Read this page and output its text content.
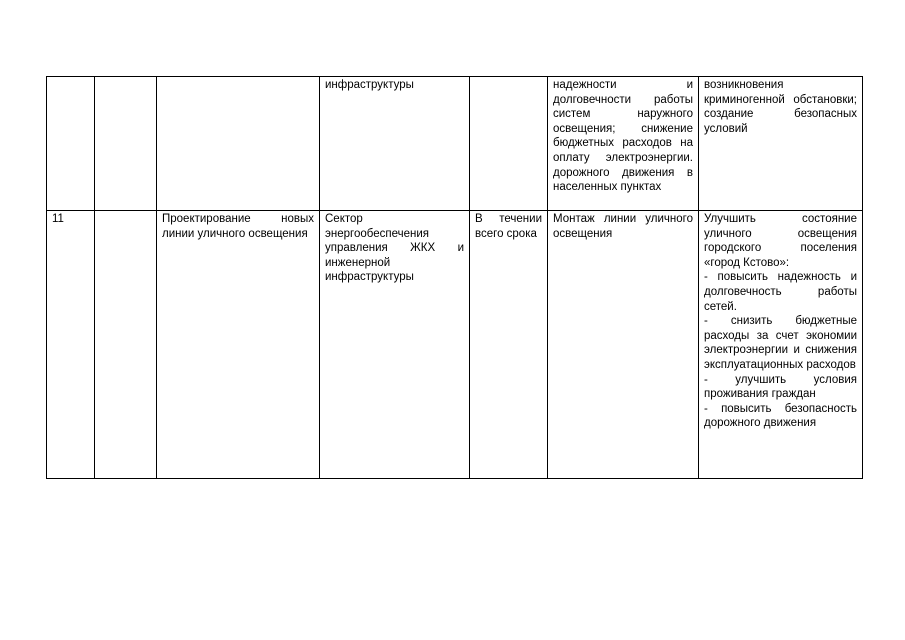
			инфраструктуры		надежности и долговечности работы систем наружного освещения; снижение бюджетных расходов на оплату электроэнергии. дорожного движения в населенных пунктах	возникновения криминогенной обстановки; создание безопасных условий

11		Проектирование новых линии уличного освещения	Сектор энергообеспечения управления ЖКХ и инженерной инфраструктуры	В течении всего срока	Монтаж линии уличного освещения	Улучшить состояние уличного освещения городского поселения «город Кстово»:

- повысить надежность и долговечность работы сетей.

- снизить бюджетные расходы за счет экономии электроэнергии и снижения эксплуатационных расходов

- улучшить условия проживания граждан

- повысить безопасность дорожного движения
